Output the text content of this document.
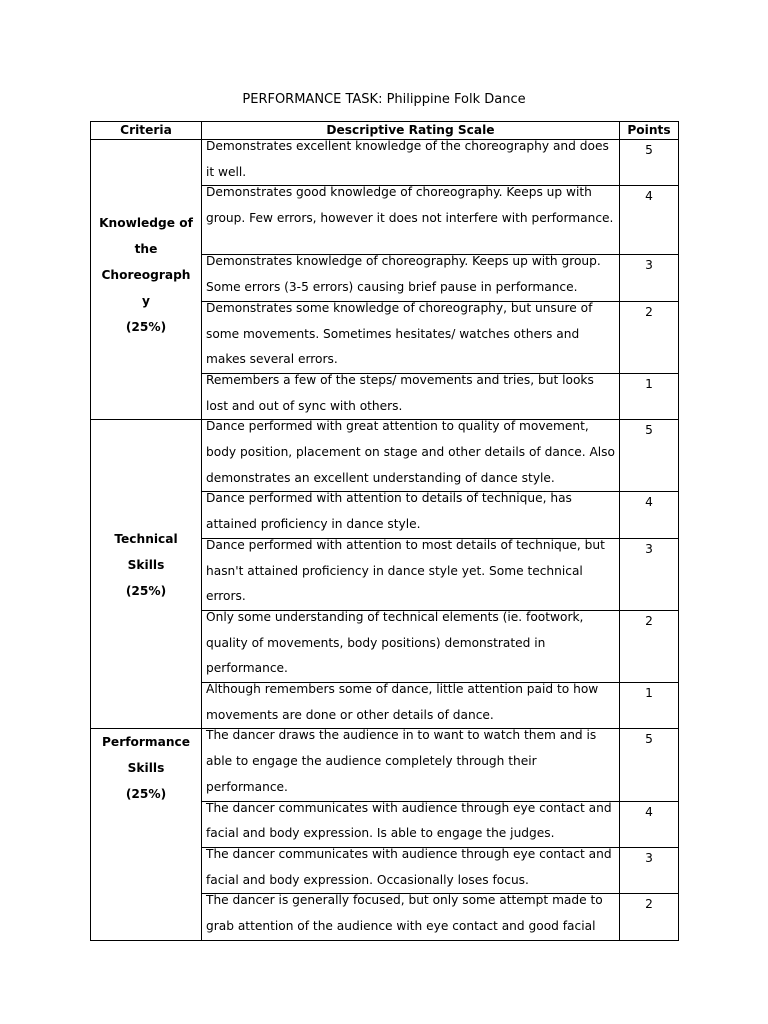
PERFORMANCE TASK: Philippine Folk Dance
Criteria	Descriptive Rating Scale	Points

Knowledge of
the
Choreograph
y
(25%)	Demonstrates excellent knowledge of the choreography and does it well.	5

	Demonstrates good knowledge of choreography. Keeps up with group. Few errors, however it does not interfere with performance.	4

	Demonstrates knowledge of choreography. Keeps up with group. Some errors (3-5 errors) causing brief pause in performance.	3

	Demonstrates some knowledge of choreography, but unsure of some movements. Sometimes hesitates/ watches others and makes several errors.	2

	Remembers a few of the steps/ movements and tries, but looks lost and out of sync with others.	1

Technical
Skills
(25%)	Dance performed with great attention to quality of movement, body position, placement on stage and other details of dance. Also demonstrates an excellent understanding of dance style.	5

	Dance performed with attention to details of technique, has attained proficiency in dance style.	4

	Dance performed with attention to most details of technique, but hasn't attained proficiency in dance style yet. Some technical errors.	3

	Only some understanding of technical elements (ie. footwork, quality of movements, body positions) demonstrated in performance.	2

	Although remembers some of dance, little attention paid to how movements are done or other details of dance.	1

Performance
Skills
(25%)	The dancer draws the audience in to want to watch them and is able to engage the audience completely through their performance.	5

	The dancer communicates with audience through eye contact and facial and body expression. Is able to engage the judges.	4

	The dancer communicates with audience through eye contact and facial and body expression. Occasionally loses focus.	3

	The dancer is generally focused, but only some attempt made to grab attention of the audience with eye contact and good facial	2
